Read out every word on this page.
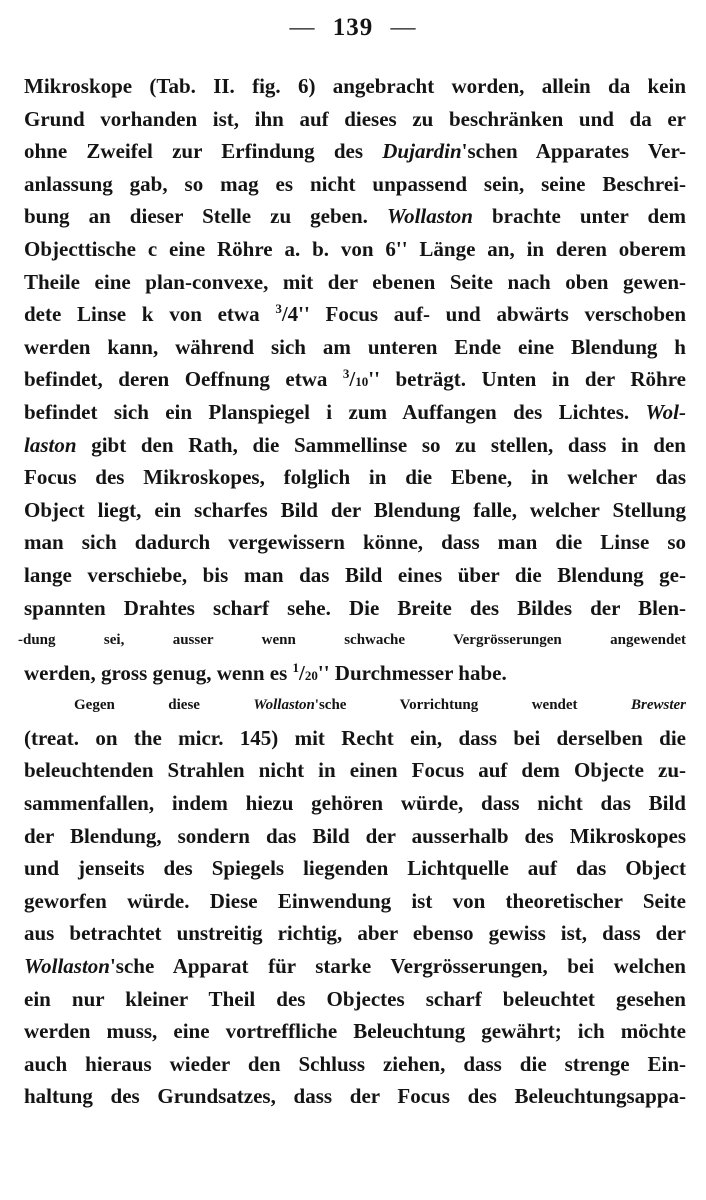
— 139 —
Mikroskope (Tab. II. fig. 6) angebracht worden, allein da kein
Grund vorhanden ist, ihn auf dieses zu beschränken und da er
ohne Zweifel zur Erfindung des Dujardin'schen Apparates Ver-
anlassung gab, so mag es nicht unpassend sein, seine Beschrei-
bung an dieser Stelle zu geben. Wollaston brachte unter dem
Objecttische c eine Röhre a. b. von 6'' Länge an, in deren oberem
Theile eine plan-convexe, mit der ebenen Seite nach oben gewen-
dete Linse k von etwa $^3$/4'' Focus auf- und abwärts verschoben
werden kann, während sich am unteren Ende eine Blendung h
befindet, deren Oeffnung etwa $^3$/10'' beträgt. Unten in der Röhre
befindet sich ein Planspiegel i zum Auffangen des Lichtes. Wol-
laston gibt den Rath, die Sammellinse so zu stellen, dass in den
Focus des Mikroskopes, folglich in die Ebene, in welcher das
Object liegt, ein scharfes Bild der Blendung falle, welcher Stellung
man sich dadurch vergewissern könne, dass man die Linse so
lange verschiebe, bis man das Bild eines über die Blendung ge-
spannten Drahtes scharf sehe. Die Breite des Bildes der Blen-
-dung sei, ausser wenn schwache Vergrösserungen angewendet
werden, gross genug, wenn es $^1$/20'' Durchmesser habe.
Gegen diese Wollaston'sche Vorrichtung wendet Brewster
(treat. on the micr. 145) mit Recht ein, dass bei derselben die
beleuchtenden Strahlen nicht in einen Focus auf dem Objecte zu-
sammenfallen, indem hiezu gehören würde, dass nicht das Bild
der Blendung, sondern das Bild der ausserhalb des Mikroskopes
und jenseits des Spiegels liegenden Lichtquelle auf das Object
geworfen würde. Diese Einwendung ist von theoretischer Seite
aus betrachtet unstreitig richtig, aber ebenso gewiss ist, dass der
Wollaston'sche Apparat für starke Vergrösserungen, bei welchen
ein nur kleiner Theil des Objectes scharf beleuchtet gesehen
werden muss, eine vortreffliche Beleuchtung gewährt; ich möchte
auch hieraus wieder den Schluss ziehen, dass die strenge Ein-
haltung des Grundsatzes, dass der Focus des Beleuchtungsappa-
